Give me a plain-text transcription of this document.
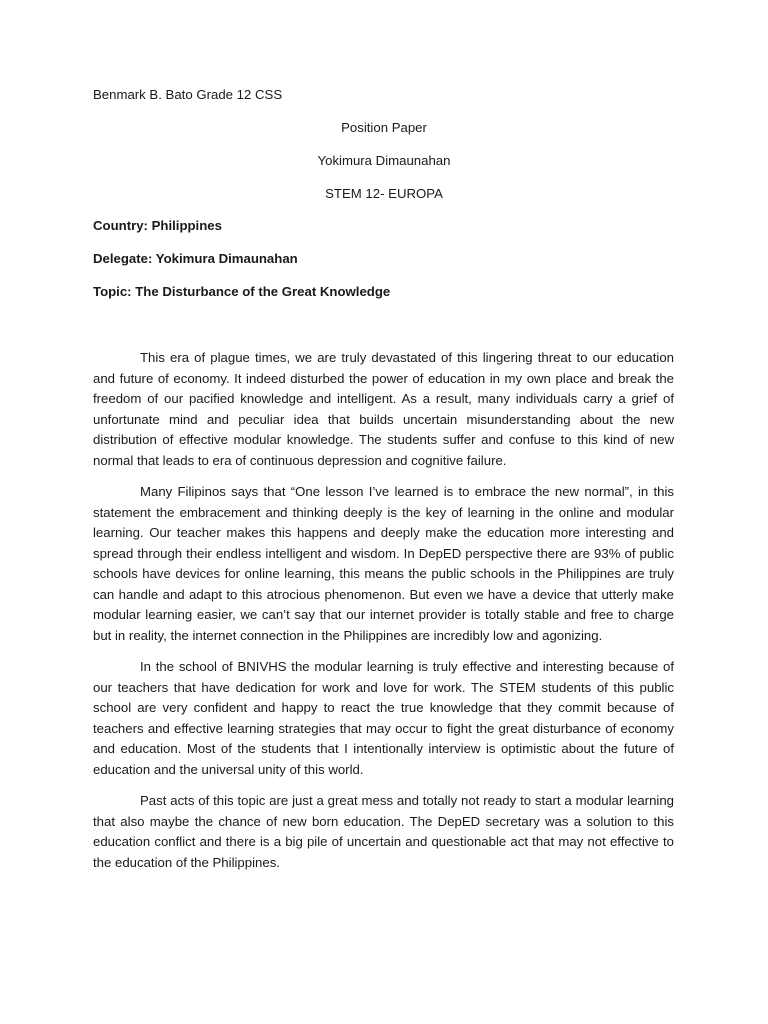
Benmark B. Bato Grade 12 CSS
Position Paper
Yokimura Dimaunahan
STEM 12- EUROPA
Country: Philippines
Delegate: Yokimura Dimaunahan
Topic: The Disturbance of the Great Knowledge

This era of plague times, we are truly devastated of this lingering threat to our education and future of economy. It indeed disturbed the power of education in my own place and break the freedom of our pacified knowledge and intelligent. As a result, many individuals carry a grief of unfortunate mind and peculiar idea that builds uncertain misunderstanding about the new distribution of effective modular knowledge. The students suffer and confuse to this kind of new normal that leads to era of continuous depression and cognitive failure.

Many Filipinos says that “One lesson I’ve learned is to embrace the new normal”, in this statement the embracement and thinking deeply is the key of learning in the online and modular learning. Our teacher makes this happens and deeply make the education more interesting and spread through their endless intelligent and wisdom. In DepED perspective there are 93% of public schools have devices for online learning, this means the public schools in the Philippines are truly can handle and adapt to this atrocious phenomenon. But even we have a device that utterly make modular learning easier, we can’t say that our internet provider is totally stable and free to charge but in reality, the internet connection in the Philippines are incredibly low and agonizing.

In the school of BNIVHS the modular learning is truly effective and interesting because of our teachers that have dedication for work and love for work. The STEM students of this public school are very confident and happy to react the true knowledge that they commit because of teachers and effective learning strategies that may occur to fight the great disturbance of economy and education. Most of the students that I intentionally interview is optimistic about the future of education and the universal unity of this world.

Past acts of this topic are just a great mess and totally not ready to start a modular learning that also maybe the chance of new born education. The DepED secretary was a solution to this education conflict and there is a big pile of uncertain and questionable act that may not effective to the education of the Philippines.
